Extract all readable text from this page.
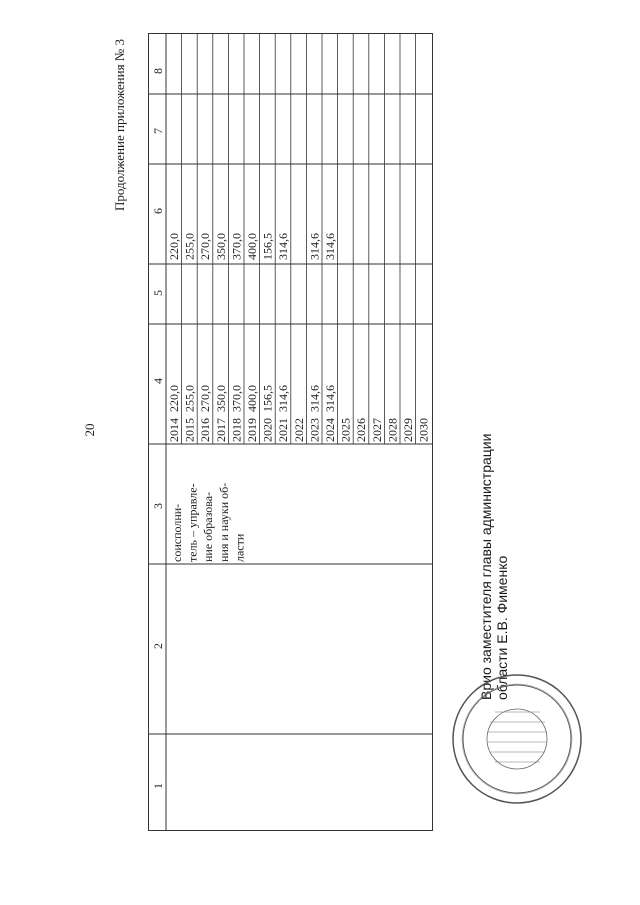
20
Продолжение приложения № 3 8
7
6
5
4
3
2
1
2014 2015 2016 2017 2018 2019 2020 2021 2022 2023 2024 2025 2026 2027 2028 2029 2030
220,0 255,0 270,0 350,0 370,0 400,0 156,5 314,6 314,6 314,6
220,0 255,0 270,0 350,0 370,0 400,0 156,5 314,6 314,6 314,6
соисполни- тель – управле- ние образова- ния и науки об- ласти	Врио заместителя главы администрации области Е.В. Фименко
